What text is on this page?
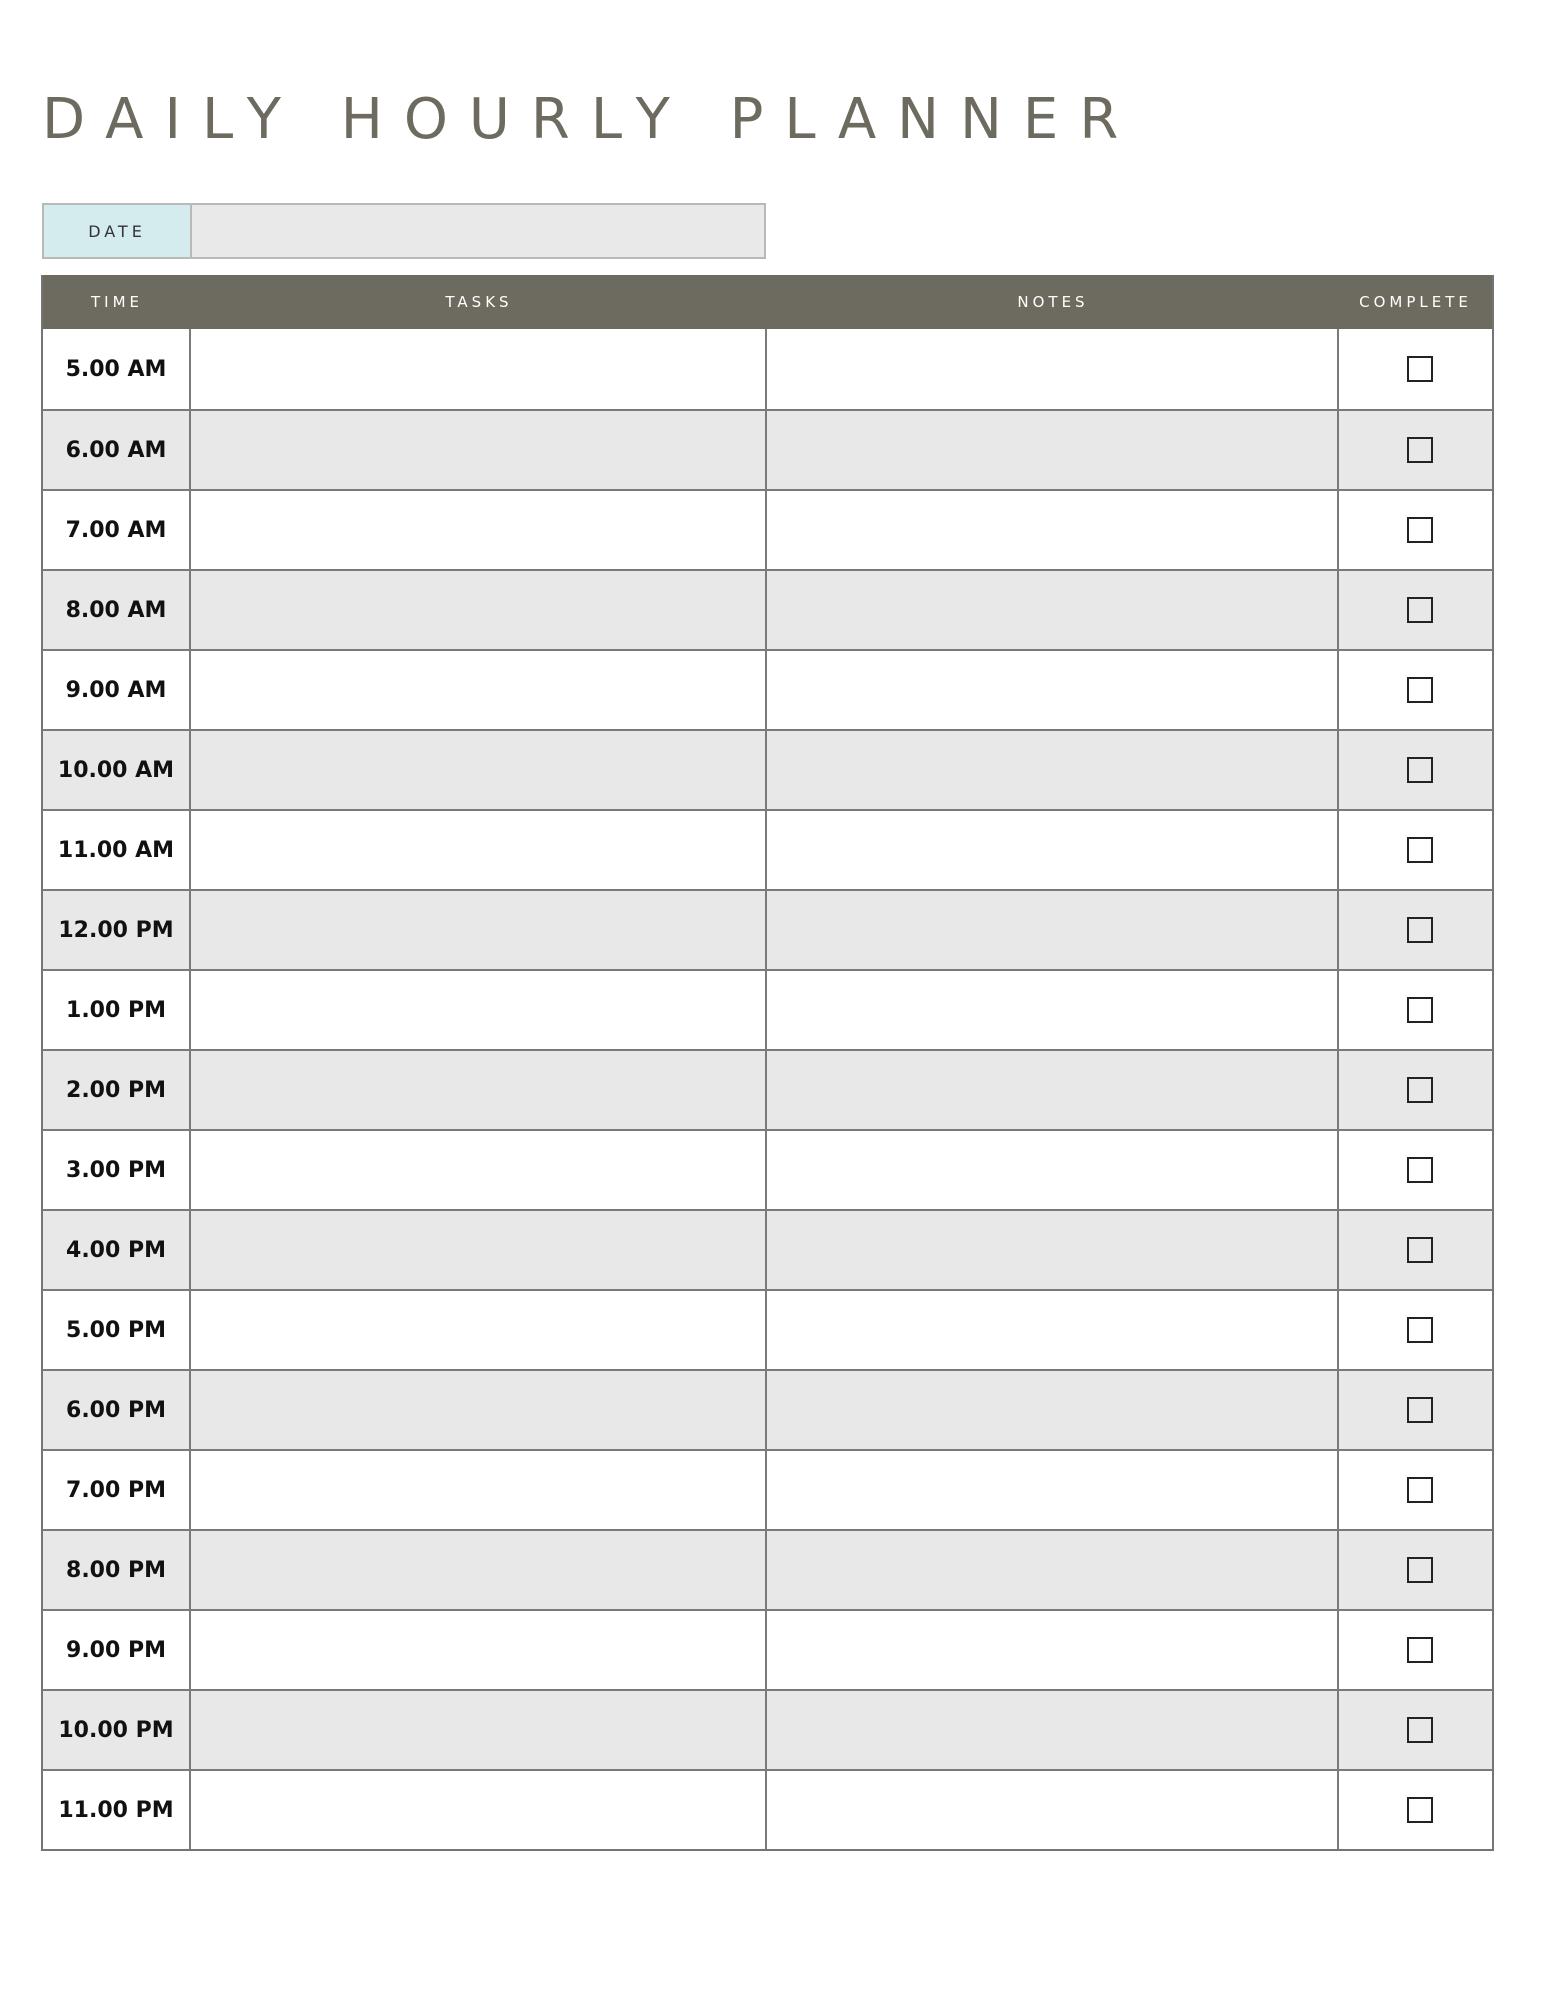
DAILY HOURLY PLANNER
DATE
TIME	TASKS	NOTES	COMPLETE
5.00 AM
6.00 AM
7.00 AM
8.00 AM
9.00 AM
10.00 AM
11.00 AM
12.00 PM
1.00 PM
2.00 PM
3.00 PM
4.00 PM
5.00 PM
6.00 PM
7.00 PM
8.00 PM
9.00 PM
10.00 PM
11.00 PM
